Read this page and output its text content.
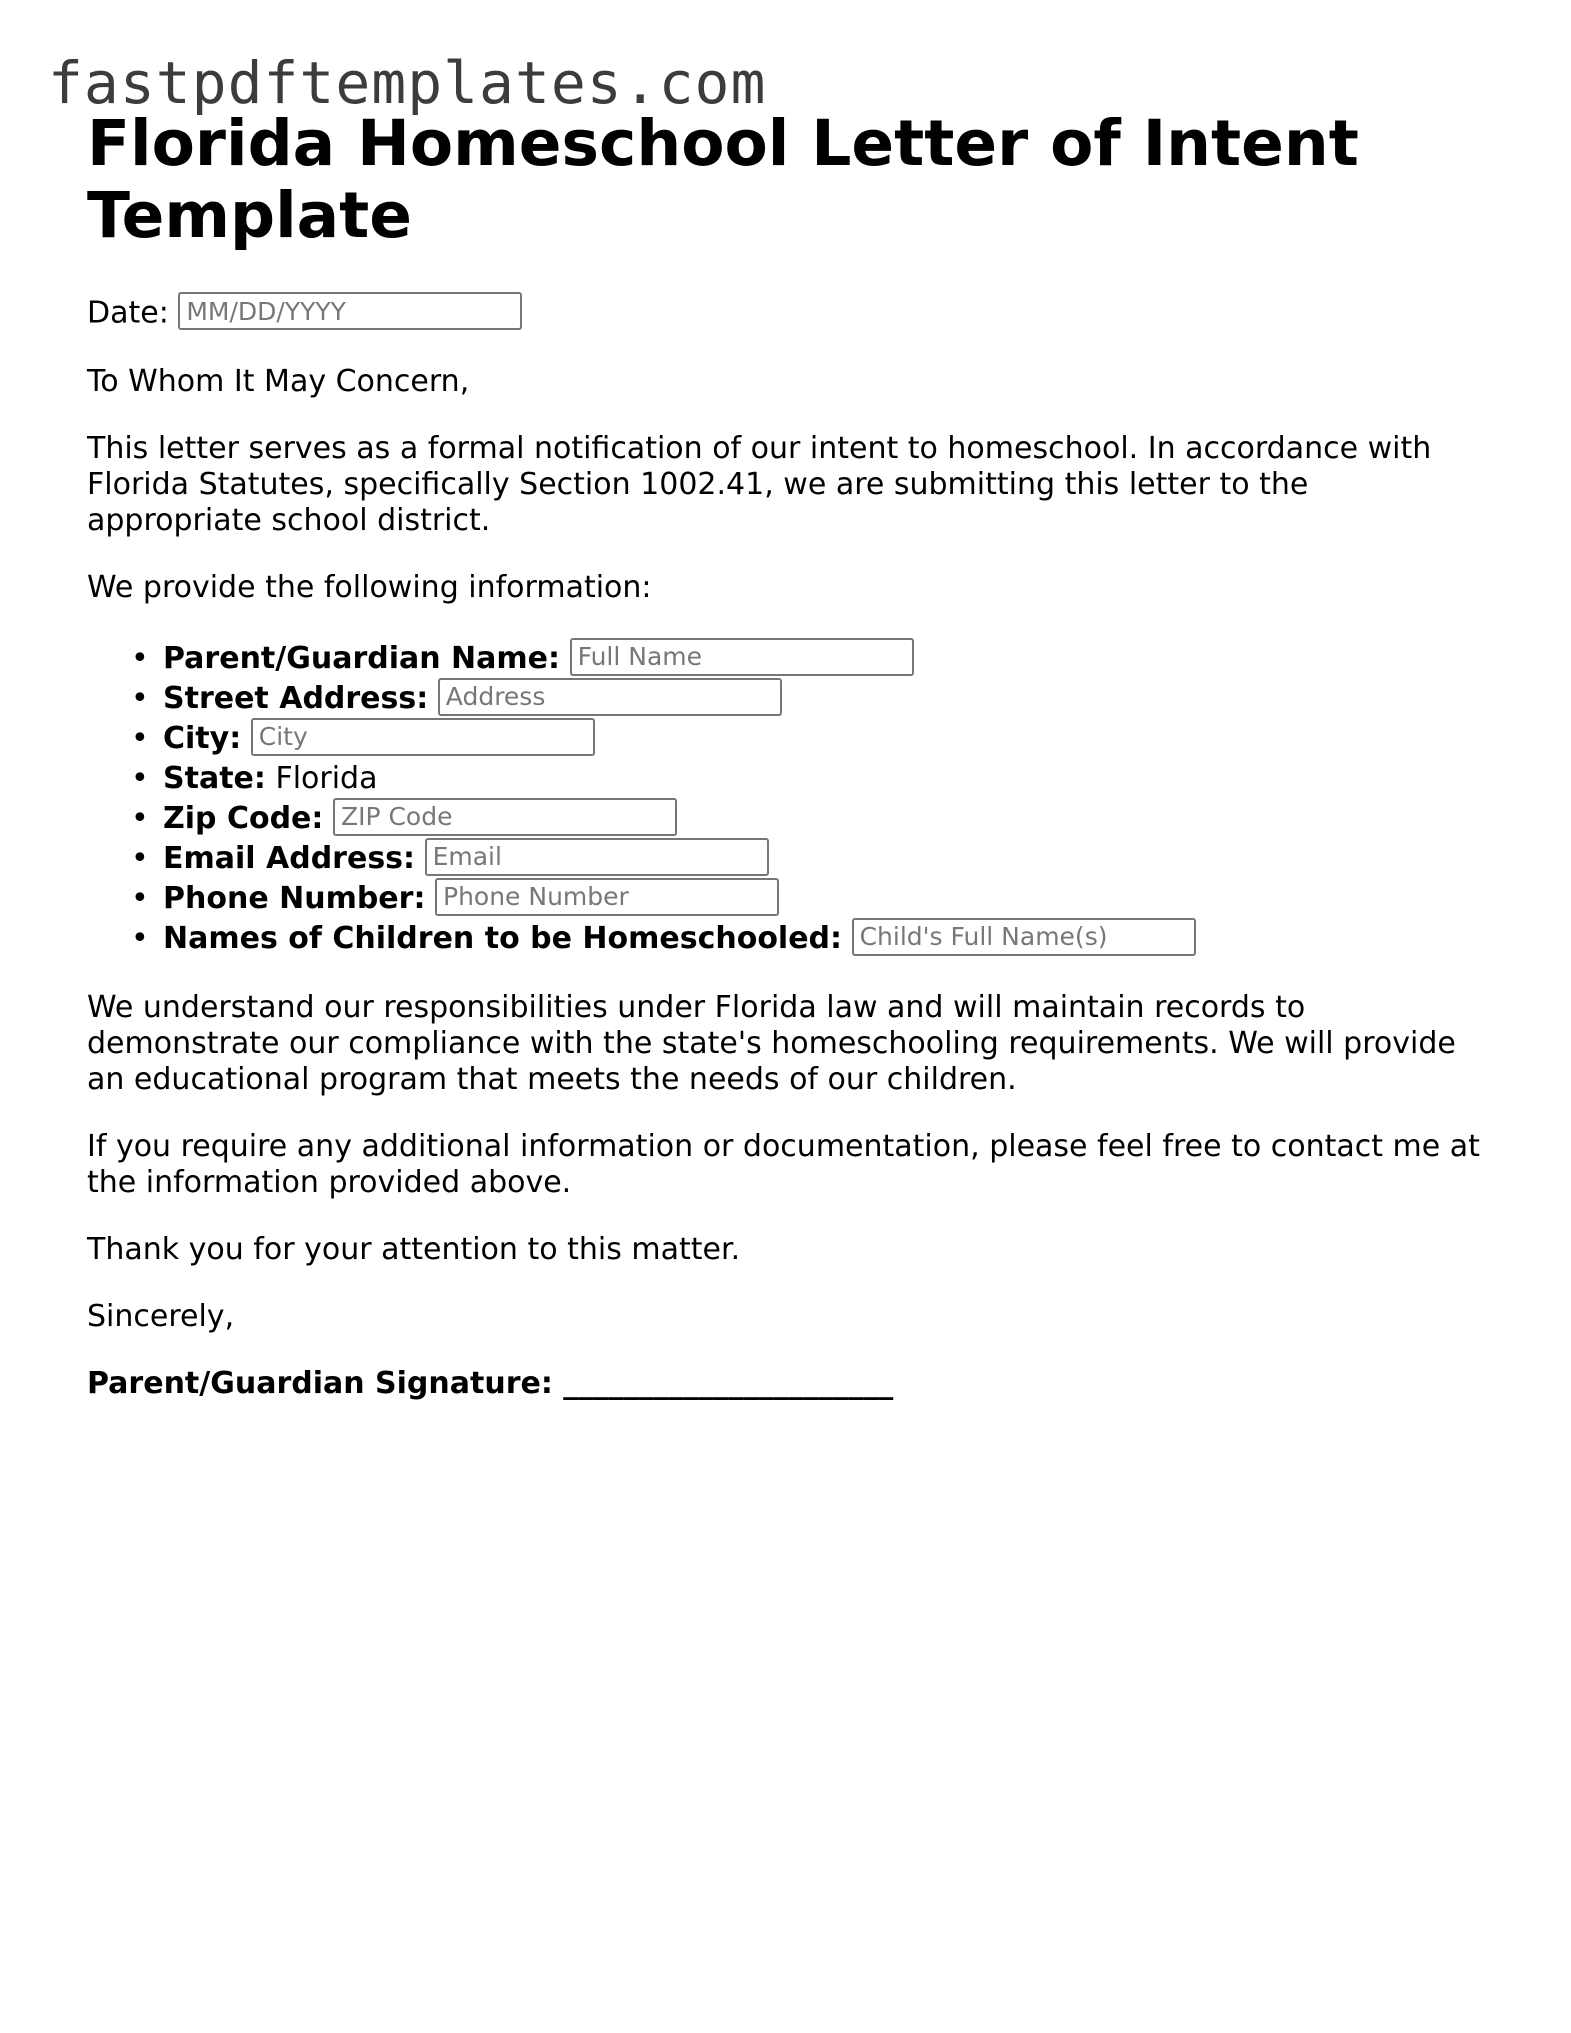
fastpdftemplates.com
Florida Homeschool Letter of Intent Template

Date: MM/DD/YYYY

To Whom It May Concern,

This letter serves as a formal notification of our intent to homeschool. In accordance with Florida Statutes, specifically Section 1002.41, we are submitting this letter to the appropriate school district.

We provide the following information:

• Parent/Guardian Name: Full Name
• Street Address: Address
• City: City
• State: Florida
• Zip Code: ZIP Code
• Email Address: Email
• Phone Number: Phone Number
• Names of Children to be Homeschooled: Child's Full Name(s)

We understand our responsibilities under Florida law and will maintain records to demonstrate our compliance with the state's homeschooling requirements. We will provide an educational program that meets the needs of our children.

If you require any additional information or documentation, please feel free to contact me at the information provided above.

Thank you for your attention to this matter.

Sincerely,

Parent/Guardian Signature: ______________________
